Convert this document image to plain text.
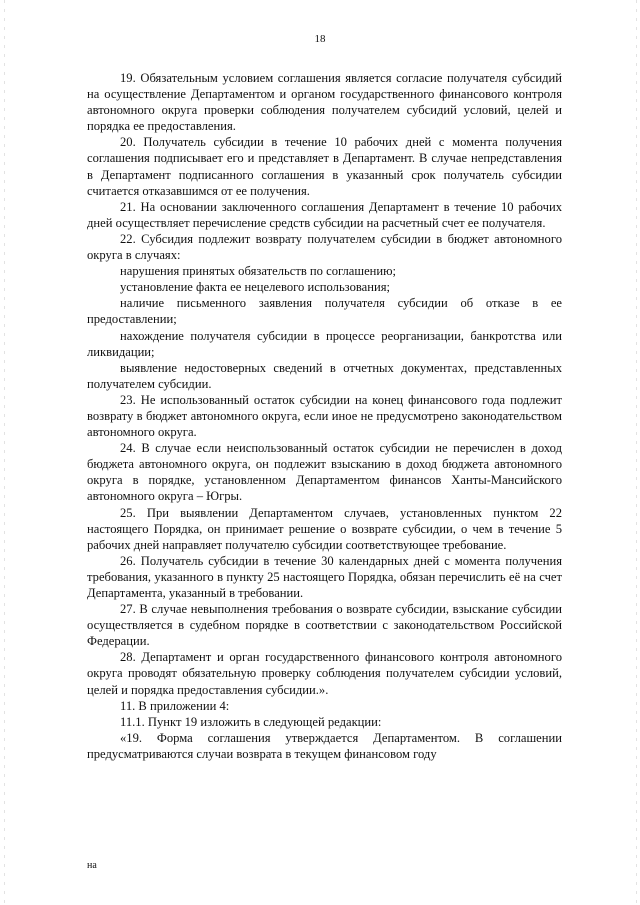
18

19. Обязательным условием соглашения является согласие получателя субсидий на осуществление Департаментом и органом государственного финансового контроля автономного округа проверки соблюдения получателем субсидий условий, целей и порядка ее предоставления.

20. Получатель субсидии в течение 10 рабочих дней с момента получения соглашения подписывает его и представляет в Департамент. В случае непредставления в Департамент подписанного соглашения в указанный срок получатель субсидии считается отказавшимся от ее получения.

21. На основании заключенного соглашения Департамент в течение 10 рабочих дней осуществляет перечисление средств субсидии на расчетный счет ее получателя.

22. Субсидия подлежит возврату получателем субсидии в бюджет автономного округа в случаях:

нарушения принятых обязательств по соглашению;

установление факта ее нецелевого использования;

наличие письменного заявления получателя субсидии об отказе в ее предоставлении;

нахождение получателя субсидии в процессе реорганизации, банкротства или ликвидации;

выявление недостоверных сведений в отчетных документах, представленных получателем субсидии.

23. Не использованный остаток субсидии на конец финансового года подлежит возврату в бюджет автономного округа, если иное не предусмотрено законодательством автономного округа.

24. В случае если неиспользованный остаток субсидии не перечислен в доход бюджета автономного округа, он подлежит взысканию в доход бюджета автономного округа в порядке, установленном Департаментом финансов Ханты-Мансийского автономного округа – Югры.

25. При выявлении Департаментом случаев, установленных пунктом 22 настоящего Порядка, он принимает решение о возврате субсидии, о чем в течение 5 рабочих дней направляет получателю субсидии соответствующее требование.

26. Получатель субсидии в течение 30 календарных дней с момента получения требования, указанного в пункту 25 настоящего Порядка, обязан перечислить её на счет Департамента, указанный в требовании.

27. В случае невыполнения требования о возврате субсидии, взыскание субсидии осуществляется в судебном порядке в соответствии с законодательством Российской Федерации.

28. Департамент и орган государственного финансового контроля автономного округа проводят обязательную проверку соблюдения получателем субсидии условий, целей и порядка предоставления субсидии.».

11. В приложении 4:

11.1. Пункт 19 изложить в следующей редакции:

«19. Форма соглашения утверждается Департаментом. В соглашении предусматриваются случаи возврата в текущем финансовом году

на
